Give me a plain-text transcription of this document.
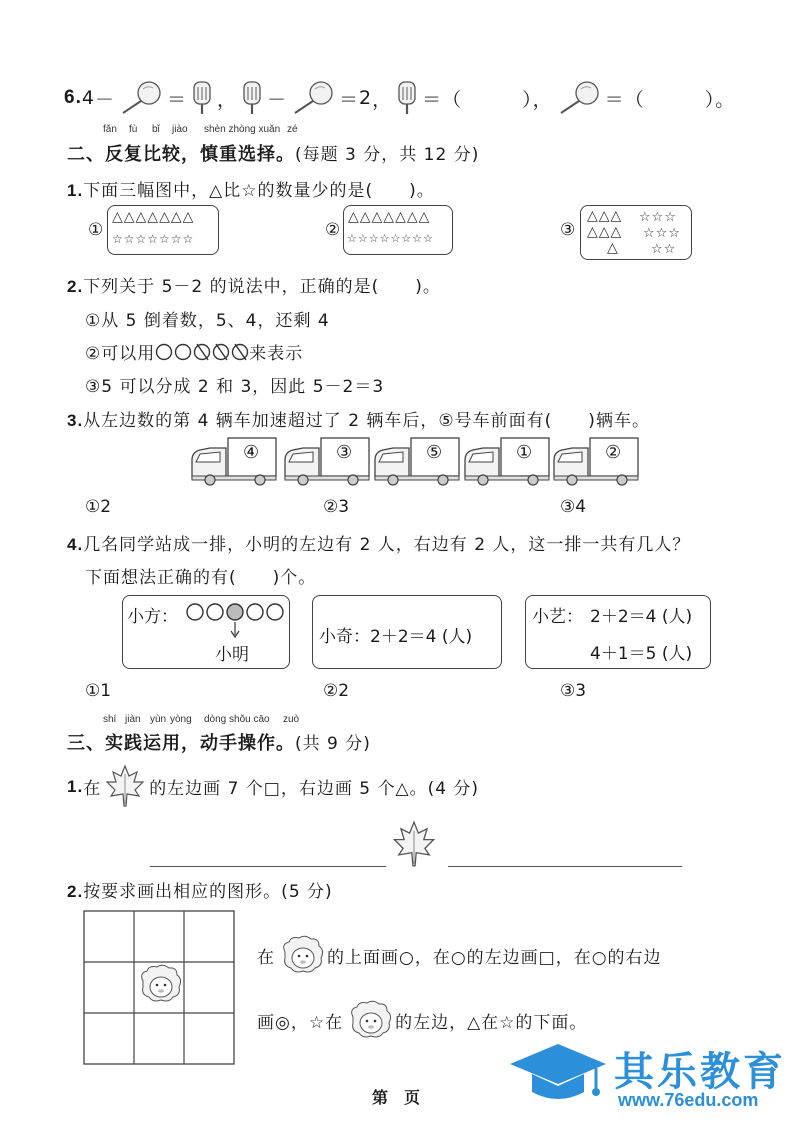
6. 4 －	＝ ， －	＝ 2 ， ＝ （　　　），	＝ （　　　）。
fǎn fù bǐ jiào shèn zhòng xuǎn zé
二、反复比较，慎重选择。(每题 3 分，共 12 分)
1.下面三幅图中，△比☆的数量少的是(　　)。
①
△△△△△△△
☆☆☆☆☆☆☆	②
△△△△△△△
☆☆☆☆☆☆☆☆	③
△△△
△△△
△
☆☆☆
☆☆☆
☆☆
2.下列关于 5－2 的说法中，正确的是(　　)。
①从 5 倒着数，5、4，还剩 4
②可以用	来表示
③5 可以分成 2 和 3，因此 5－2＝3
3.从左边数的第 4 辆车加速超过了 2 辆车后，⑤号车前面有(　　)辆车。
④	③	⑤	①	②
①2	②3	③4
4.几名同学站成一排，小明的左边有 2 人，右边有 2 人，这一排一共有几人？
下面想法正确的有(　　)个。
小方：
小明
小奇：2＋2＝4 (人)
小艺： 2＋2＝4 (人)
4＋1＝5 (人)
①1	②2	③3
shí jiàn yùn yòng dòng shǒu cāo zuò
三、实践运用，动手操作。(共 9 分)
1. 在	的左边画 7 个□，右边画 5 个△。(4 分)
2.按要求画出相应的图形。(5 分)
在	的上面画○，在○的左边画□，在○的右边
画◎，☆在	的左边，△在☆的下面。
第　页
其乐教育
www.76edu.com
